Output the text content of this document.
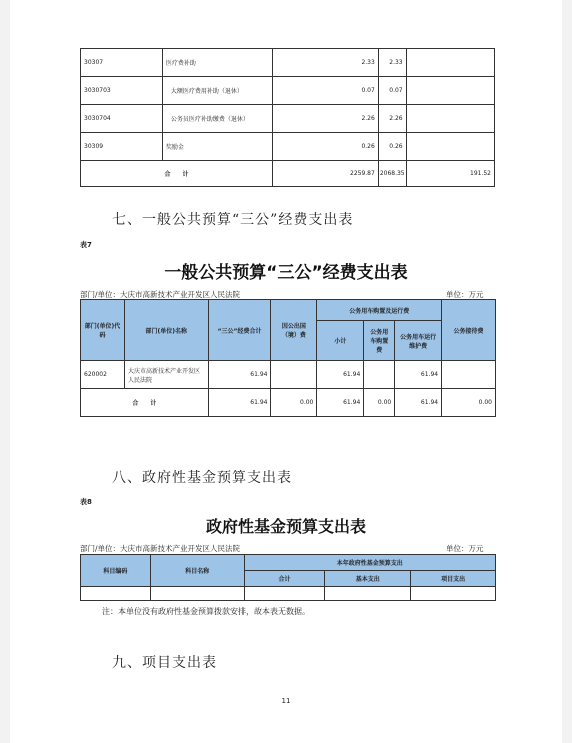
30307	医疗费补助	2.33	2.33	
3030703	大额医疗费用补助（退休）	0.07	0.07	
3030704	公务员医疗补助缴费（退休）	2.26	2.26	
30309	奖励金	0.26	0.26	
合　　计		2259.87	2068.35	191.52
七、一般公共预算“三公”经费支出表
表7
一般公共预算“三公”经费支出表
部门/单位：大庆市高新技术产业开发区人民法院	单位：万元
部门(单位)代码	部门(单位)名称	“三公”经费合计	因公出国（境）费	公务用车购置及运行费			公务接待费
				小计	公务用车购置费	公务用车运行维护费	
620002	大庆市高新技术产业开发区人民法院	61.94		61.94		61.94	
合　　计		61.94	0.00	61.94	0.00	61.94	0.00
八、政府性基金预算支出表
表8
政府性基金预算支出表
部门/单位：大庆市高新技术产业开发区人民法院	单位：万元
科目编码	科目名称	本年政府性基金预算支出		
		合计	基本支出	项目支出

注：本单位没有政府性基金预算拨款安排，故本表无数据。
九、项目支出表
11
